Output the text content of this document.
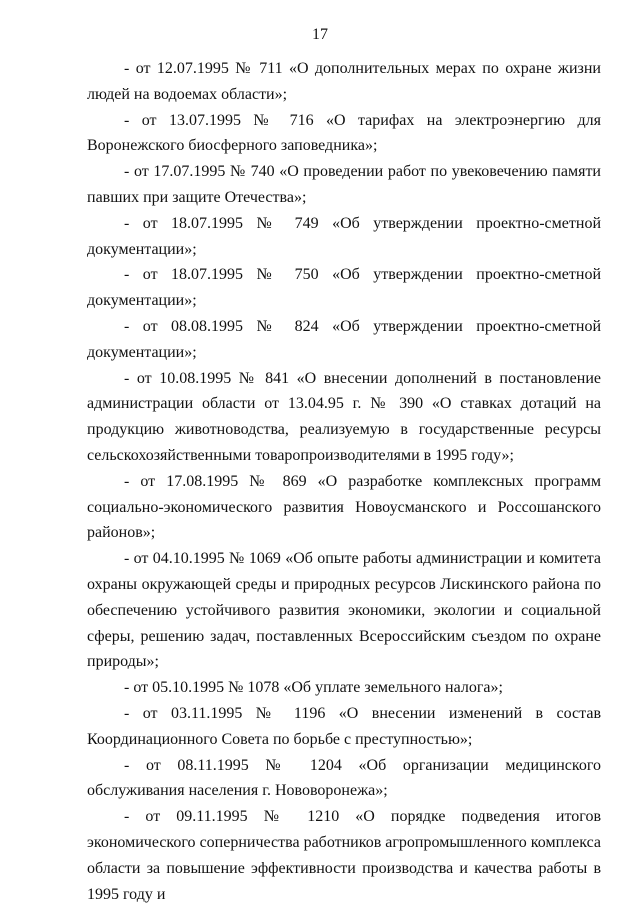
17

- от 12.07.1995 № 711 «О дополнительных мерах по охране жизни людей на водоемах области»;

- от 13.07.1995 № 716 «О тарифах на электроэнергию для Воронежского биосферного заповедника»;

- от 17.07.1995 № 740 «О проведении работ по увековечению памяти павших при защите Отечества»;

- от 18.07.1995 № 749 «Об утверждении проектно-сметной документации»;

- от 18.07.1995 № 750 «Об утверждении проектно-сметной документации»;

- от 08.08.1995 № 824 «Об утверждении проектно-сметной документации»;

- от 10.08.1995 № 841 «О внесении дополнений в постановление администрации области от 13.04.95 г. № 390 «О ставках дотаций на продукцию животноводства, реализуемую в государственные ресурсы сельскохозяйственными товаропроизводителями в 1995 году»;

- от 17.08.1995 № 869 «О разработке комплексных программ социально-экономического развития Новоусманского и Россошанского районов»;

- от 04.10.1995 № 1069 «Об опыте работы администрации и комитета охраны окружающей среды и природных ресурсов Лискинского района по обеспечению устойчивого развития экономики, экологии и социальной сферы, решению задач, поставленных Всероссийским съездом по охране природы»;

- от 05.10.1995 № 1078 «Об уплате земельного налога»;

- от 03.11.1995 № 1196 «О внесении изменений в состав Координационного Совета по борьбе с преступностью»;

- от 08.11.1995 № 1204 «Об организации медицинского обслуживания населения г. Нововоронежа»;

- от 09.11.1995 № 1210 «О порядке подведения итогов экономического соперничества работников агропромышленного комплекса области за повышение эффективности производства и качества работы в 1995 году и
